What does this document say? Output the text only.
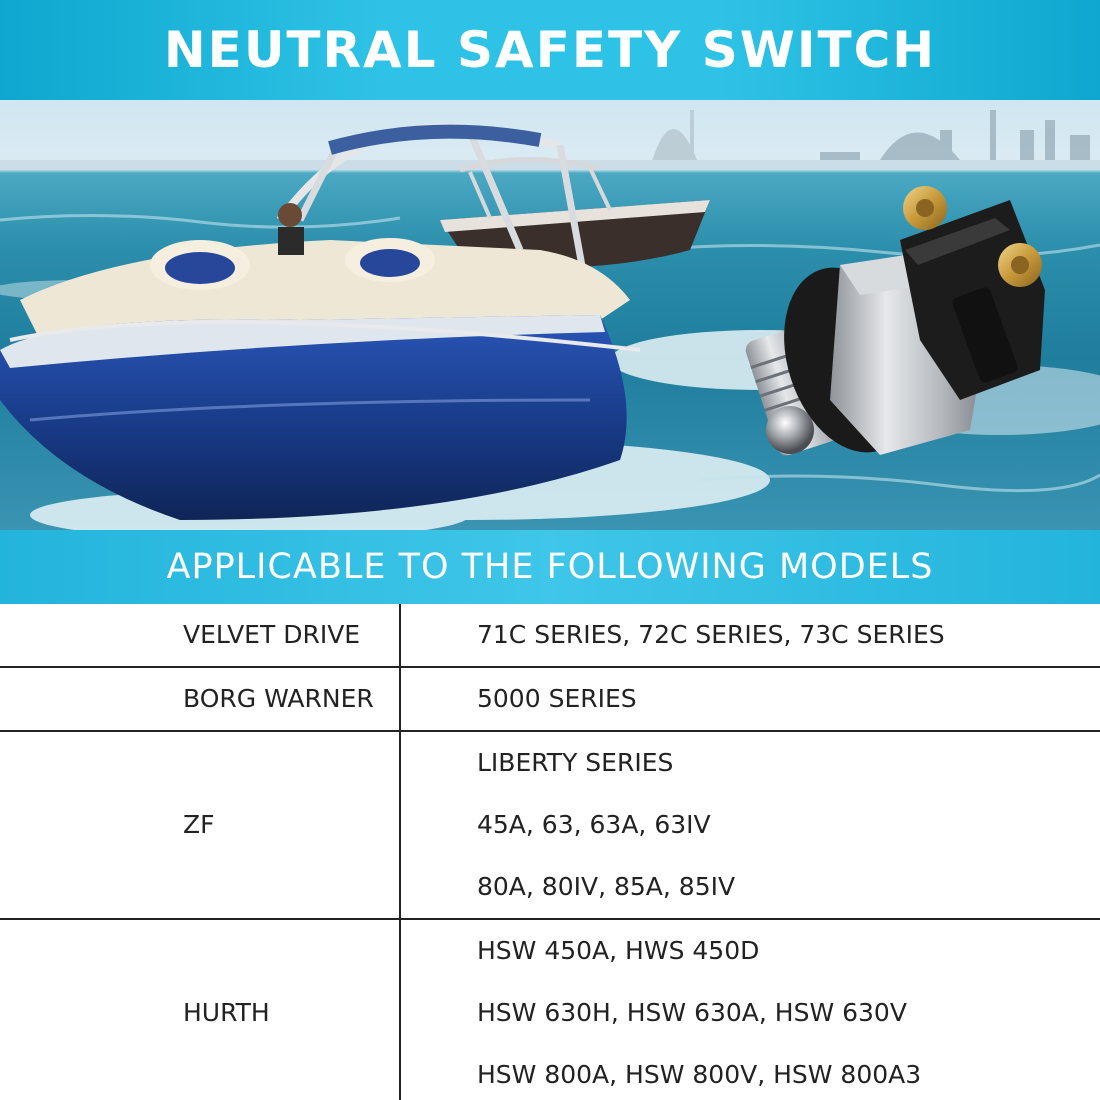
NEUTRAL SAFETY SWITCH
APPLICABLE TO THE FOLLOWING MODELS
VELVET DRIVE	71C SERIES, 72C SERIES, 73C SERIES

BORG WARNER	5000 SERIES

ZF	LIBERTY SERIES
45A, 63, 63A, 63IV
80A, 80IV, 85A, 85IV

HURTH	HSW 450A, HWS 450D
HSW 630H, HSW 630A, HSW 630V
HSW 800A, HSW 800V, HSW 800A3
